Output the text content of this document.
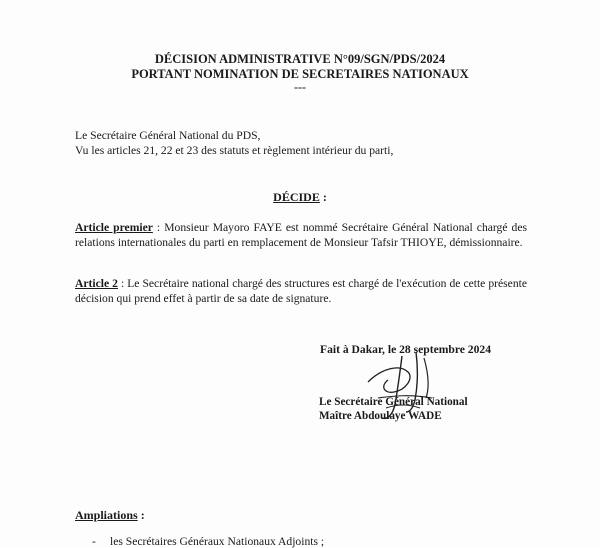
DÉCISION ADMINISTRATIVE N°09/SGN/PDS/2024
PORTANT NOMINATION DE SECRETAIRES NATIONAUX
---
Le Secrétaire Général National du PDS,
Vu les articles 21, 22 et 23 des statuts et règlement intérieur du parti,
DÉCIDE :
Article premier : Monsieur Mayoro FAYE est nommé Secrétaire Général National chargé des relations internationales du parti en remplacement de Monsieur Tafsir THIOYE, démissionnaire.
Article 2 : Le Secrétaire national chargé des structures est chargé de l'exécution de cette présente décision qui prend effet à partir de sa date de signature.
Fait à Dakar, le 28 septembre 2024
Le Secrétaire Général National
Maître Abdoulaye WADE
Ampliations :
- les Secrétaires Généraux Nationaux Adjoints ;
